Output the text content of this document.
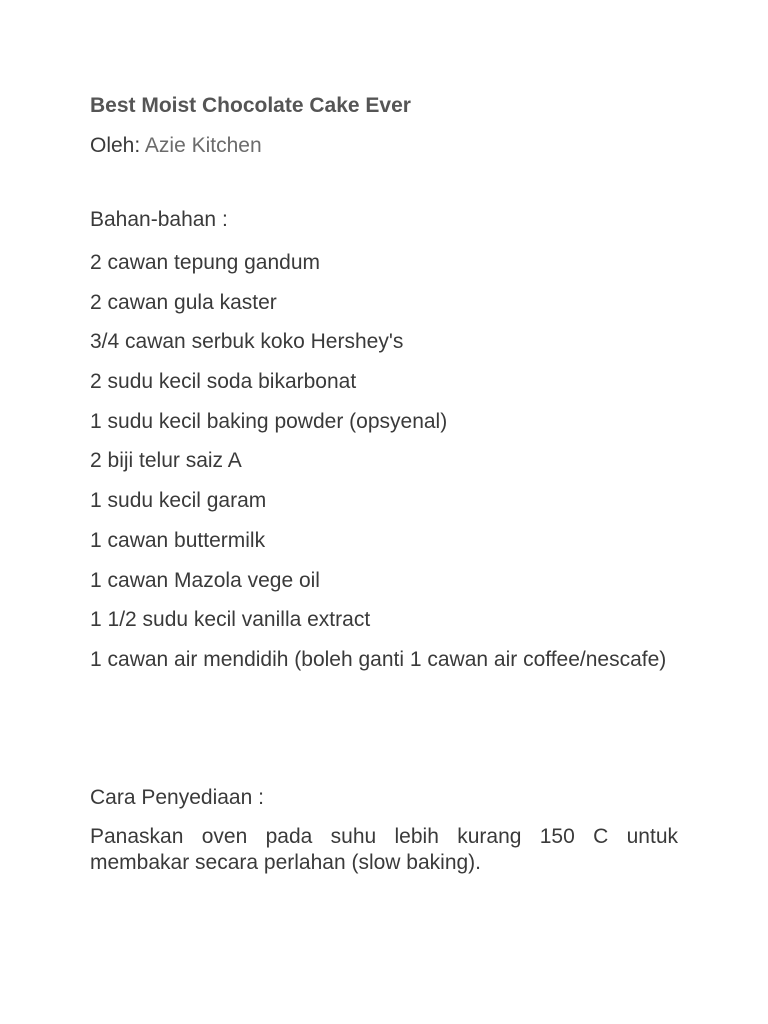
Best Moist Chocolate Cake Ever
Oleh: Azie Kitchen
Bahan-bahan :
2 cawan tepung gandum
2 cawan gula kaster
3/4 cawan serbuk koko Hershey's
2 sudu kecil soda bikarbonat
1 sudu kecil baking powder (opsyenal)
2 biji telur saiz A
1 sudu kecil garam
1 cawan buttermilk
1 cawan Mazola vege oil
1 1/2 sudu kecil vanilla extract
1 cawan air mendidih (boleh ganti 1 cawan air coffee/nescafe)
Cara Penyediaan :
Panaskan oven pada suhu lebih kurang 150 C untuk membakar secara perlahan (slow baking).
